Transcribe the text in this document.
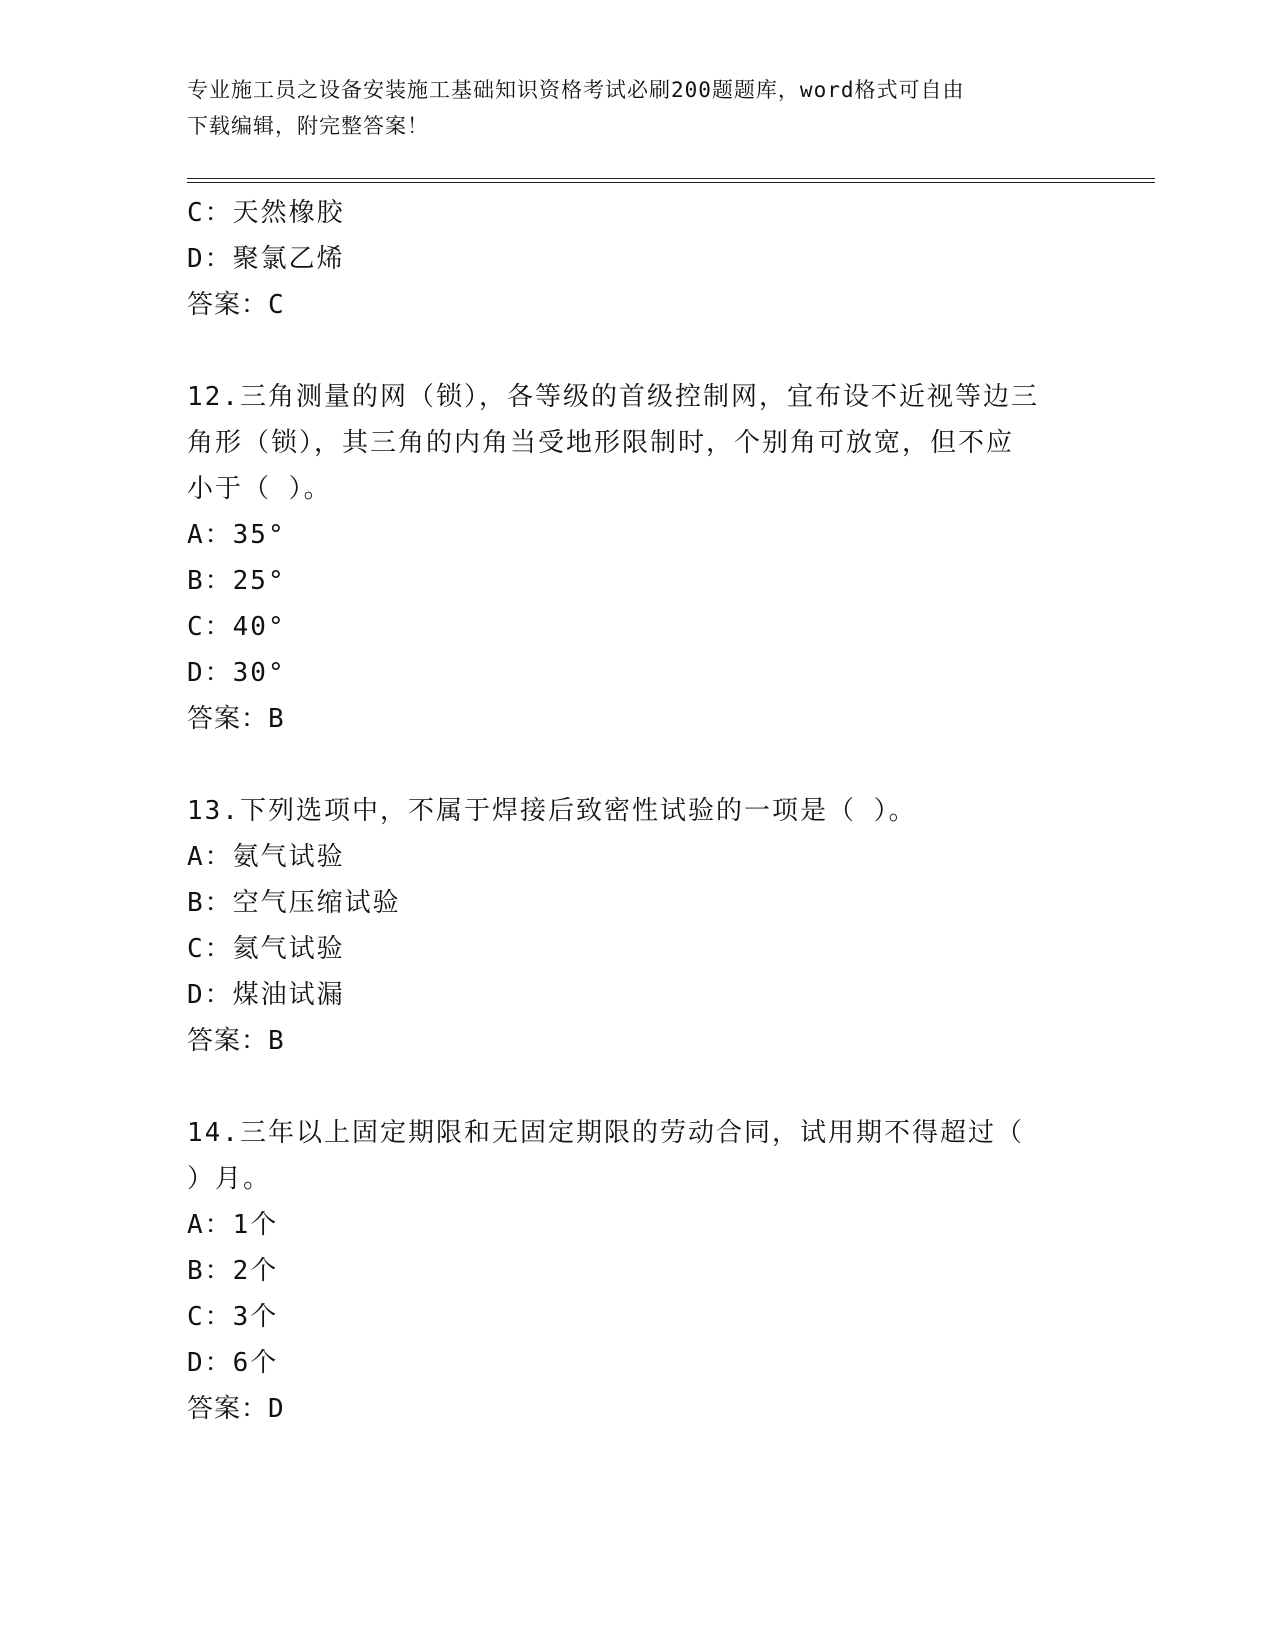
专业施工员之设备安装施工基础知识资格考试必刷200题题库，word格式可自由
下载编辑，附完整答案！
C：天然橡胶
D：聚氯乙烯
答案：C
12.三角测量的网（锁），各等级的首级控制网，宜布设不近视等边三
角形（锁），其三角的内角当受地形限制时，个别角可放宽，但不应
小于（ ）。
A：35°
B：25°
C：40°
D：30°
答案：B
13.下列选项中，不属于焊接后致密性试验的一项是（ ）。
A：氨气试验
B：空气压缩试验
C：氦气试验
D：煤油试漏
答案：B
14.三年以上固定期限和无固定期限的劳动合同，试用期不得超过（
）月。
A：1个
B：2个
C：3个
D：6个
答案：D
